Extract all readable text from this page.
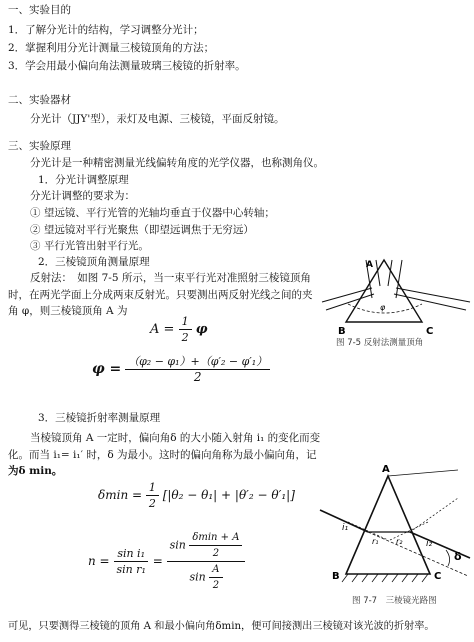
一、实验目的
1．了解分光计的结构，学习调整分光计；
2．掌握利用分光计测量三棱镜顶角的方法；
3．学会用最小偏向角法测量玻璃三棱镜的折射率。
二、实验器材
分光计（JJY'型），汞灯及电源、三棱镜，平面反射镜。
三、实验原理
分光计是一种精密测量光线偏转角度的光学仪器，也称测角仪。
1．分光计调整原理
分光计调整的要求为：
① 望远镜、平行光管的光轴均垂直于仪器中心转轴；
② 望远镜对平行光聚焦（即望远调焦于无穷远）
③ 平行光管出射平行光。
2．三棱镜顶角测量原理
反射法：　如图 7-5 所示，当一束平行光对准照射三棱镜顶角
时，在两光学面上分成两束反射光。只要测出两反射光线之间的夹
角 φ，则三棱镜顶角 A 为	φ
A
B	C
图 7-5 反射法测量顶角
$A = \frac{1}{2}$ φ
$\varphi = \frac{\text{（φ₂ − φ₁）+（φ′₂ − φ′₁）}}{2}$
3．三棱镜折射率测量原理
当棱镜顶角 A 一定时，偏向角δ 的大小随入射角 i₁ 的变化而变
化。而当 i₁= i₁′ 时，δ 为最小。这时的偏向角称为最小偏向角，记
为δ min。
$\delta\min = \frac{1}{2} [|\theta_2 - \theta_1| + |\theta'_2 - \theta'_1|]$
$n = \frac{\text{sin i₁}}{\text{sin r₁}} = \frac{\sin \frac{\delta\min + A}{2}}{\sin \frac{A}{2}}$
A
B	C
i₁
r₁ r₂	i₂
δ
图 7-7　三棱镜光路图
可见，只要测得三棱镜的顶角 A 和最小偏向角δmin，便可间接测出三棱镜对该光波的折射率。
